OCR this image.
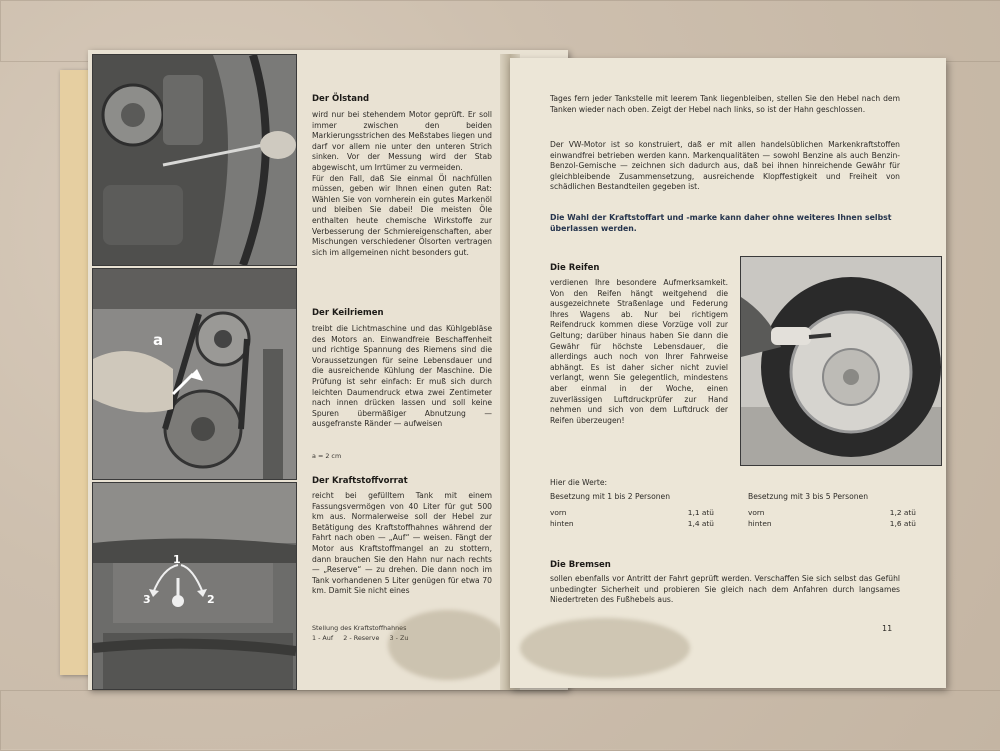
a
1
2
3
Der Ölstand
wird nur bei stehendem Motor geprüft. Er soll immer zwischen den beiden Markierungsstrichen des Meßstabes liegen und darf vor allem nie unter den unteren Strich sinken. Vor der Messung wird der Stab abgewischt, um Irrtümer zu vermeiden.
Für den Fall, daß Sie einmal Öl nachfüllen müssen, geben wir Ihnen einen guten Rat: Wählen Sie von vornherein ein gutes Markenöl und bleiben Sie dabei! Die meisten Öle enthalten heute chemische Wirkstoffe zur Verbesserung der Schmiereigenschaften, aber Mischungen verschiedener Ölsorten vertragen sich im allgemeinen nicht besonders gut.
Der Keilriemen
treibt die Lichtmaschine und das Kühlgebläse des Motors an. Einwandfreie Beschaffenheit und richtige Spannung des Riemens sind die Voraussetzungen für seine Lebensdauer und die ausreichende Kühlung der Maschine. Die Prüfung ist sehr einfach: Er muß sich durch leichten Daumendruck etwa zwei Zentimeter nach innen drücken lassen und soll keine Spuren übermäßiger Abnutzung — ausgefranste Ränder — aufweisen
a = 2 cm
Der Kraftstoffvorrat
reicht bei gefülltem Tank mit einem Fassungsvermögen von 40 Liter für gut 500 km aus. Normalerweise soll der Hebel zur Betätigung des Kraftstoffhahnes während der Fahrt nach oben — „Auf“ — weisen. Fängt der Motor aus Kraftstoffmangel an zu stottern, dann brauchen Sie den Hahn nur nach rechts — „Reserve“ — zu drehen. Die dann noch im Tank vorhandenen 5 Liter genügen für etwa 70 km. Damit Sie nicht eines
Stellung des Kraftstoffhahnes
1 - Auf     2 - Reserve     3 - Zu
Tages fern jeder Tankstelle mit leerem Tank liegenbleiben, stellen Sie den Hebel nach dem Tanken wieder nach oben. Zeigt der Hebel nach links, so ist der Hahn geschlossen.
Der VW-Motor ist so konstruiert, daß er mit allen handelsüblichen Markenkraftstoffen einwandfrei betrieben werden kann. Markenqualitäten — sowohl Benzine als auch Benzin-Benzol-Gemische — zeichnen sich dadurch aus, daß bei ihnen hinreichende Gewähr für gleichbleibende Zusammensetzung, ausreichende Klopffestigkeit und Freiheit von schädlichen Bestandteilen gegeben ist.
Die Wahl der Kraftstoffart und -marke kann daher ohne weiteres Ihnen selbst überlassen werden.
Die Reifen
verdienen Ihre besondere Aufmerksamkeit. Von den Reifen hängt weitgehend die ausgezeichnete Straßenlage und Federung Ihres Wagens ab. Nur bei richtigem Reifendruck kommen diese Vorzüge voll zur Geltung; darüber hinaus haben Sie dann die Gewähr für höchste Lebensdauer, die allerdings auch noch von Ihrer Fahrweise abhängt. Es ist daher sicher nicht zuviel verlangt, wenn Sie gelegentlich, mindestens aber einmal in der Woche, einen zuverlässigen Luftdruckprüfer zur Hand nehmen und sich von dem Luftdruck der Reifen überzeugen!
Hier die Werte:
Besetzung mit 1 bis 2 Personen
vorn	1,1 atü
hinten	1,4 atü
Besetzung mit 3 bis 5 Personen
vorn	1,2 atü
hinten	1,6 atü
Die Bremsen
sollen ebenfalls vor Antritt der Fahrt geprüft werden. Verschaffen Sie sich selbst das Gefühl unbedingter Sicherheit und probieren Sie gleich nach dem Anfahren durch langsames Niedertreten des Fußhebels aus.
11
